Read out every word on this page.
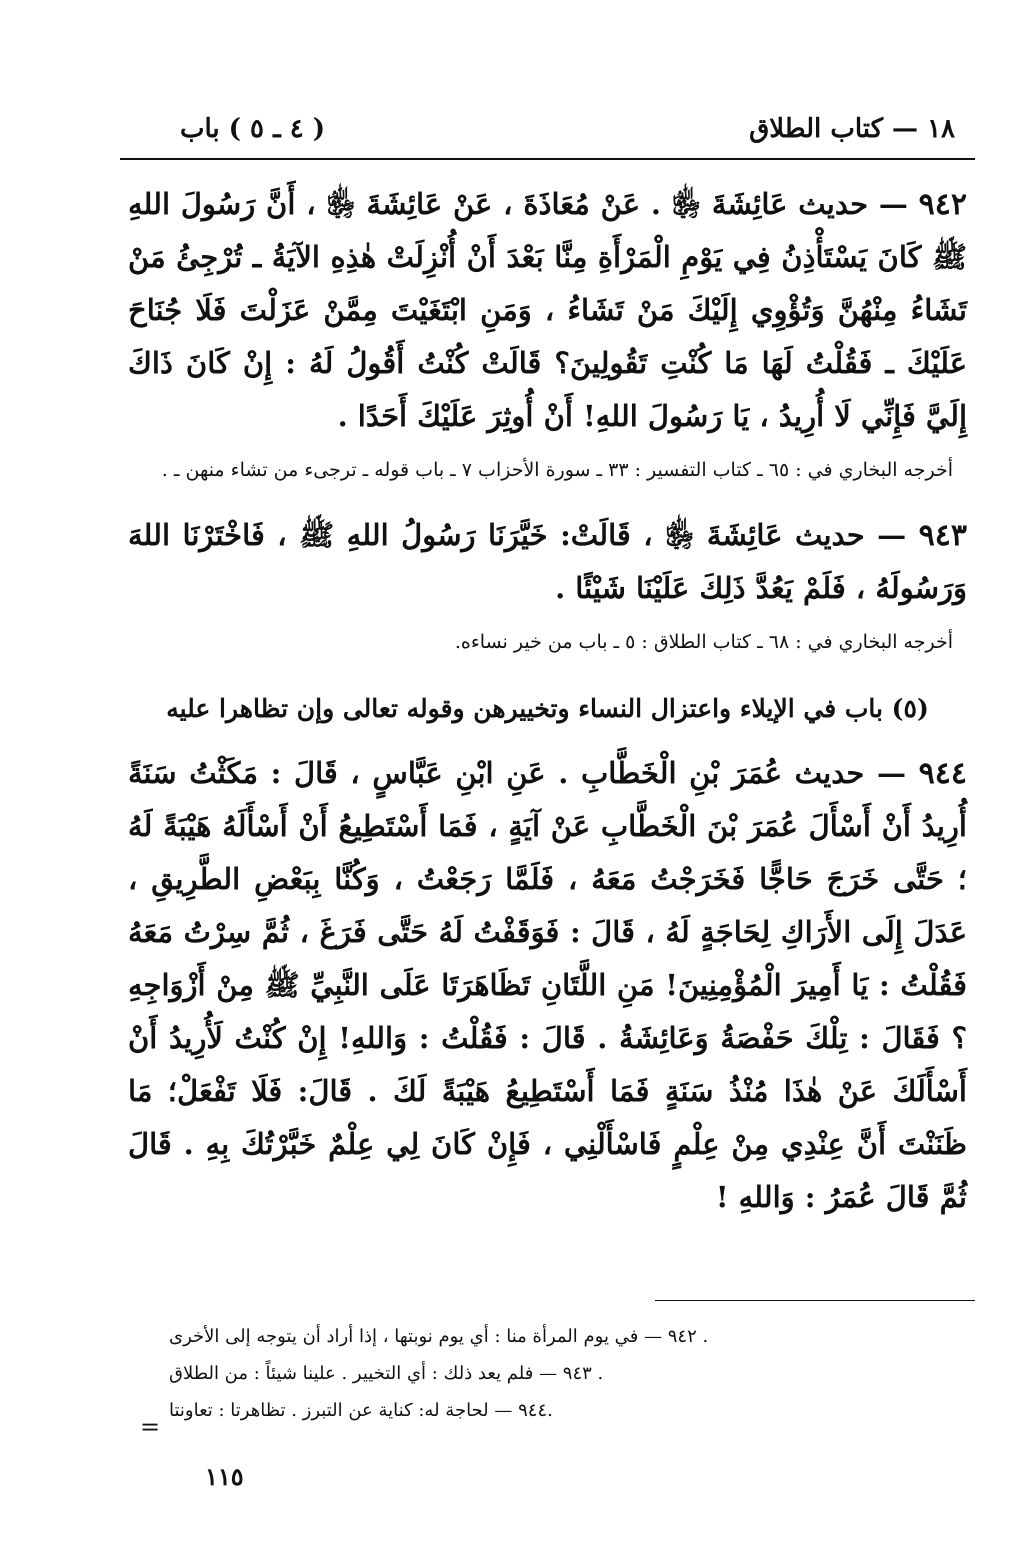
١٨ — كتاب الطلاق
( ٤ ـ ٥ ) باب
٩٤٢ — حديث عَائِشَةَ ﵂ . عَنْ مُعَاذَةَ ، عَنْ عَائِشَةَ ﵂ ، أَنَّ رَسُولَ اللهِ ﷺ كَانَ يَسْتَأْذِنُ فِي يَوْمِ الْمَرْأَةِ مِنَّا بَعْدَ أَنْ أُنْزِلَتْ هٰذِهِ الآيَةُ ـ تُرْجِئُ مَنْ تَشَاءُ مِنْهُنَّ وَتُؤْوِي إِلَيْكَ مَنْ تَشَاءُ ، وَمَنِ ابْتَغَيْتَ مِمَّنْ عَزَلْتَ فَلَا جُنَاحَ عَلَيْكَ ـ فَقُلْتُ لَهَا مَا كُنْتِ تَقُولِينَ؟ قَالَتْ كُنْتُ أَقُولُ لَهُ : إِنْ كَانَ ذَاكَ إِلَيَّ فَإِنِّي لَا أُرِيدُ ، يَا رَسُولَ اللهِ! أَنْ أُوثِرَ عَلَيْكَ أَحَدًا .
أخرجه البخاري في : ٦٥ ـ كتاب التفسير : ٣٣ ـ سورة الأحزاب ٧ ـ باب قوله ـ ترجىء من تشاء منهن ـ .
٩٤٣ — حديث عَائِشَةَ ﵂ ، قَالَتْ: خَيَّرَنَا رَسُولُ اللهِ ﷺ ، فَاخْتَرْنَا اللهَ وَرَسُولَهُ ، فَلَمْ يَعُدَّ ذَلِكَ عَلَيْنَا شَيْئًا .
أخرجه البخاري في : ٦٨ ـ كتاب الطلاق : ٥ ـ باب من خير نساءه.
(٥) باب في الإيلاء واعتزال النساء وتخييرهن وقوله تعالى وإن تظاهرا عليه
٩٤٤ — حديث عُمَرَ بْنِ الْخَطَّابِ . عَنِ ابْنِ عَبَّاسٍ ، قَالَ : مَكَثْتُ سَنَةً أُرِيدُ أَنْ أَسْأَلَ عُمَرَ بْنَ الْخَطَّابِ عَنْ آيَةٍ ، فَمَا أَسْتَطِيعُ أَنْ أَسْأَلَهُ هَيْبَةً لَهُ ؛ حَتَّى خَرَجَ حَاجًّا فَخَرَجْتُ مَعَهُ ، فَلَمَّا رَجَعْتُ ، وَكُنَّا بِبَعْضِ الطَّرِيقِ ، عَدَلَ إِلَى الأَرَاكِ لِحَاجَةٍ لَهُ ، قَالَ : فَوَقَفْتُ لَهُ حَتَّى فَرَغَ ، ثُمَّ سِرْتُ مَعَهُ فَقُلْتُ : يَا أَمِيرَ الْمُؤْمِنِينَ! مَنِ اللَّتَانِ تَظَاهَرَتَا عَلَى النَّبِيِّ ﷺ مِنْ أَزْوَاجِهِ ؟ فَقَالَ : تِلْكَ حَفْصَةُ وَعَائِشَةُ . قَالَ : فَقُلْتُ : وَاللهِ! إِنْ كُنْتُ لَأُرِيدُ أَنْ أَسْأَلَكَ عَنْ هٰذَا مُنْذُ سَنَةٍ فَمَا أَسْتَطِيعُ هَيْبَةً لَكَ . قَالَ: فَلَا تَفْعَلْ؛ مَا ظَنَنْتَ أَنَّ عِنْدِي مِنْ عِلْمٍ فَاسْأَلْنِي ، فَإِنْ كَانَ لِي عِلْمٌ خَبَّرْتُكَ بِهِ . قَالَ ثُمَّ قَالَ عُمَرُ : وَاللهِ !
٩٤٢ — في يوم المرأة منا : أي يوم نوبتها ، إذا أراد أن يتوجه إلى الأخرى .
٩٤٣ — فلم يعد ذلك : أي التخيير . علينا شيئاً : من الطلاق .
٩٤٤ — لحاجة له: كناية عن التبرز . تظاهرتا : تعاونتا.
=
١١٥
